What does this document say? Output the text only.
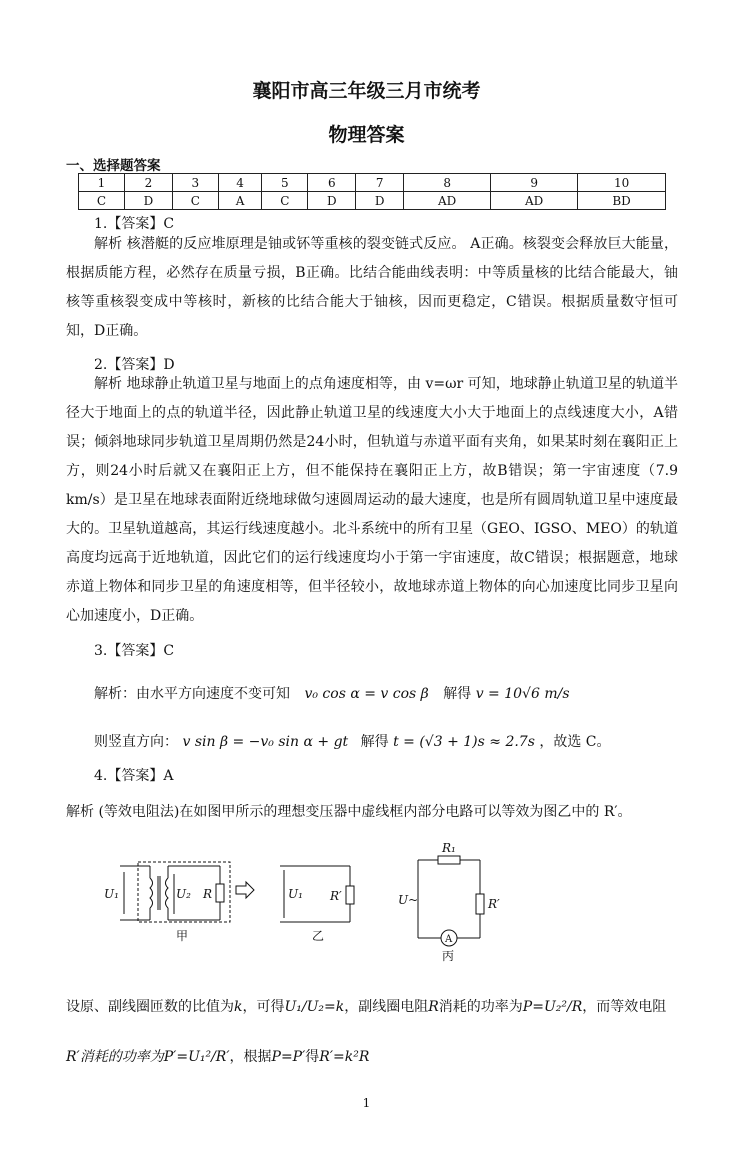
襄阳市高三年级三月市统考
物理答案
一、选择题答案
1	2	3	4	5	6	7	8	9	10
C	D	C	A	C	D	D	AD	AD	BD
1.【答案】C
解析 核潜艇的反应堆原理是铀或钚等重核的裂变链式反应。 A正确。核裂变会释放巨大能量，根据质能方程，必然存在质量亏损，B正确。比结合能曲线表明：中等质量核的比结合能最大，铀核等重核裂变成中等核时，新核的比结合能大于铀核，因而更稳定，C错误。根据质量数守恒可知，D正确。
2.【答案】D
解析 地球静止轨道卫星与地面上的点角速度相等，由 v=ωr 可知，地球静止轨道卫星的轨道半径大于地面上的点的轨道半径，因此静止轨道卫星的线速度大小大于地面上的点线速度大小，A错误；倾斜地球同步轨道卫星周期仍然是24小时，但轨道与赤道平面有夹角，如果某时刻在襄阳正上方，则24小时后就又在襄阳正上方，但不能保持在襄阳正上方，故B错误；第一宇宙速度（7.9 km/s）是卫星在地球表面附近绕地球做匀速圆周运动的最大速度，也是所有圆周轨道卫星中速度最大的。卫星轨道越高，其运行线速度越小。北斗系统中的所有卫星（GEO、IGSO、MEO）的轨道高度均远高于近地轨道，因此它们的运行线速度均小于第一宇宙速度，故C错误；根据题意，地球赤道上物体和同步卫星的角速度相等，但半径较小，故地球赤道上物体的向心加速度比同步卫星向心加速度小，D正确。
3.【答案】C
解析：由水平方向速度不变可知 v₀ cos α = v cos β 解得 v = 10√6 m/s
则竖直方向： v sin β = −v₀ sin α + gt 解得 t = (√3 + 1)s ≈ 2.7s ，故选 C。
4.【答案】A
解析 (等效电阻法)在如图甲所示的理想变压器中虚线框内部分电路可以等效为图乙中的 R′。
U₁	U₂ R
甲
U₁ R′
乙
R₁
U~	R′
A
丙
设原、副线圈匝数的比值为k，可得U₁/U₂=k，副线圈电阻R消耗的功率为P=U₂²/R，而等效电阻
R′消耗的功率为P′=U₁²/R′，根据P=P′得R′=k²R
1
